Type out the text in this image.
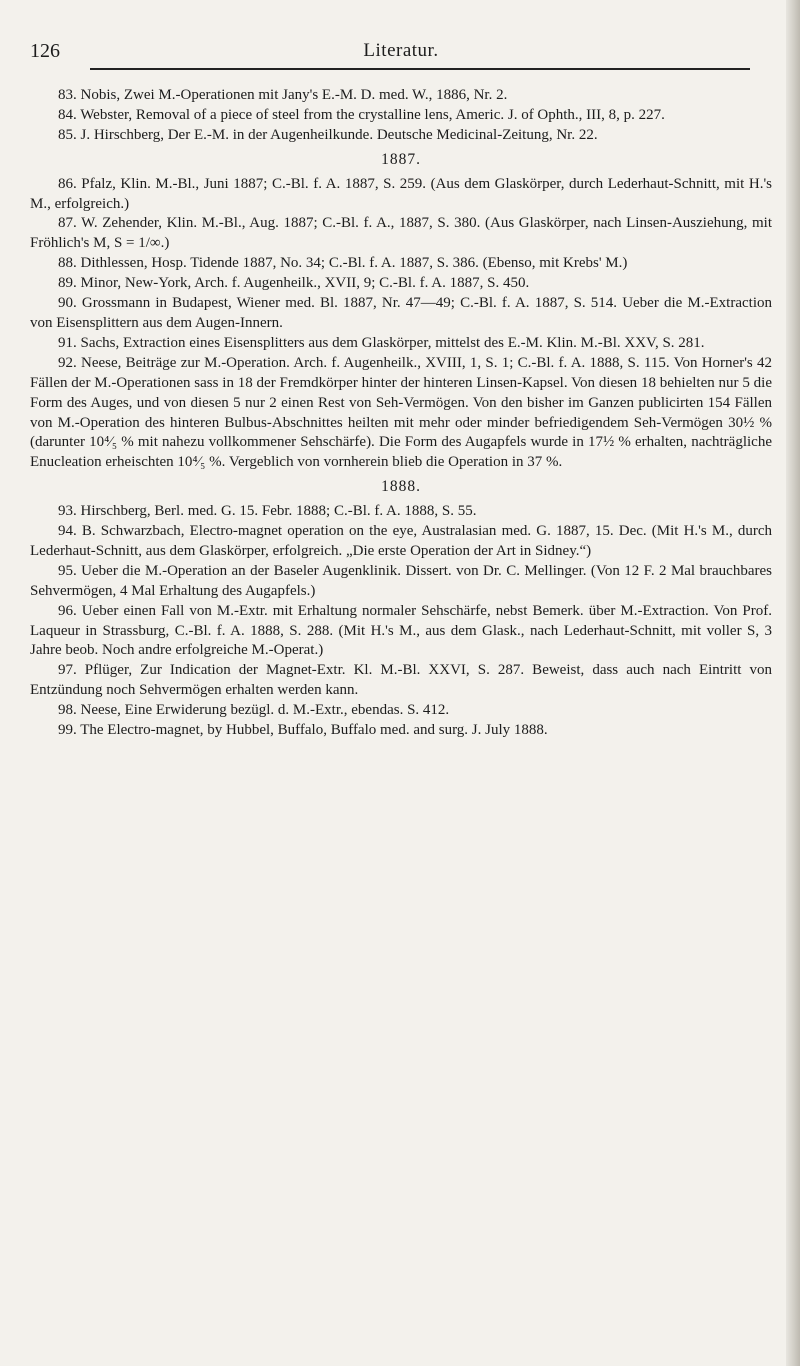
126	Literatur.

83. Nobis, Zwei M.-Operationen mit Jany's E.-M. D. med. W., 1886, Nr. 2.

84. Webster, Removal of a piece of steel from the crystalline lens, Americ. J. of Ophth., III, 8, p. 227.

85. J. Hirschberg, Der E.-M. in der Augenheilkunde. Deutsche Medicinal-Zeitung, Nr. 22.

1887.

86. Pfalz, Klin. M.-Bl., Juni 1887; C.-Bl. f. A. 1887, S. 259. (Aus dem Glaskörper, durch Lederhaut-Schnitt, mit H.'s M., erfolgreich.)

87. W. Zehender, Klin. M.-Bl., Aug. 1887; C.-Bl. f. A., 1887, S. 380. (Aus Glaskörper, nach Linsen-Ausziehung, mit Fröhlich's M, S = 1/∞.)

88. Dithlessen, Hosp. Tidende 1887, No. 34; C.-Bl. f. A. 1887, S. 386. (Ebenso, mit Krebs' M.)

89. Minor, New-York, Arch. f. Augenheilk., XVII, 9; C.-Bl. f. A. 1887, S. 450.

90. Grossmann in Budapest, Wiener med. Bl. 1887, Nr. 47—49; C.-Bl. f. A. 1887, S. 514. Ueber die M.-Extraction von Eisensplittern aus dem Augen-Innern.

91. Sachs, Extraction eines Eisensplitters aus dem Glaskörper, mittelst des E.-M. Klin. M.-Bl. XXV, S. 281.

92. Neese, Beiträge zur M.-Operation. Arch. f. Augenheilk., XVIII, 1, S. 1; C.-Bl. f. A. 1888, S. 115. Von Horner's 42 Fällen der M.-Operationen sass in 18 der Fremdkörper hinter der hinteren Linsen-Kapsel. Von diesen 18 behielten nur 5 die Form des Auges, und von diesen 5 nur 2 einen Rest von Seh-Vermögen. Von den bisher im Ganzen publicirten 154 Fällen von M.-Operation des hinteren Bulbus-Abschnittes heilten mit mehr oder minder befriedigendem Seh-Vermögen 30½ % (darunter 10⁴⁄₅ % mit nahezu vollkommener Sehschärfe). Die Form des Augapfels wurde in 17½ % erhalten, nachträgliche Enucleation erheischten 10⁴⁄₅ %. Vergeblich von vornherein blieb die Operation in 37 %.

1888.

93. Hirschberg, Berl. med. G. 15. Febr. 1888; C.-Bl. f. A. 1888, S. 55.

94. B. Schwarzbach, Electro-magnet operation on the eye, Australasian med. G. 1887, 15. Dec. (Mit H.'s M., durch Lederhaut-Schnitt, aus dem Glaskörper, erfolgreich. „Die erste Operation der Art in Sidney.“)

95. Ueber die M.-Operation an der Baseler Augenklinik. Dissert. von Dr. C. Mellinger. (Von 12 F. 2 Mal brauchbares Sehvermögen, 4 Mal Erhaltung des Augapfels.)

96. Ueber einen Fall von M.-Extr. mit Erhaltung normaler Sehschärfe, nebst Bemerk. über M.-Extraction. Von Prof. Laqueur in Strassburg, C.-Bl. f. A. 1888, S. 288. (Mit H.'s M., aus dem Glask., nach Lederhaut-Schnitt, mit voller S, 3 Jahre beob. Noch andre erfolgreiche M.-Operat.)

97. Pflüger, Zur Indication der Magnet-Extr. Kl. M.-Bl. XXVI, S. 287. Beweist, dass auch nach Eintritt von Entzündung noch Sehvermögen erhalten werden kann.

98. Neese, Eine Erwiderung bezügl. d. M.-Extr., ebendas. S. 412.

99. The Electro-magnet, by Hubbel, Buffalo, Buffalo med. and surg. J. July 1888.
